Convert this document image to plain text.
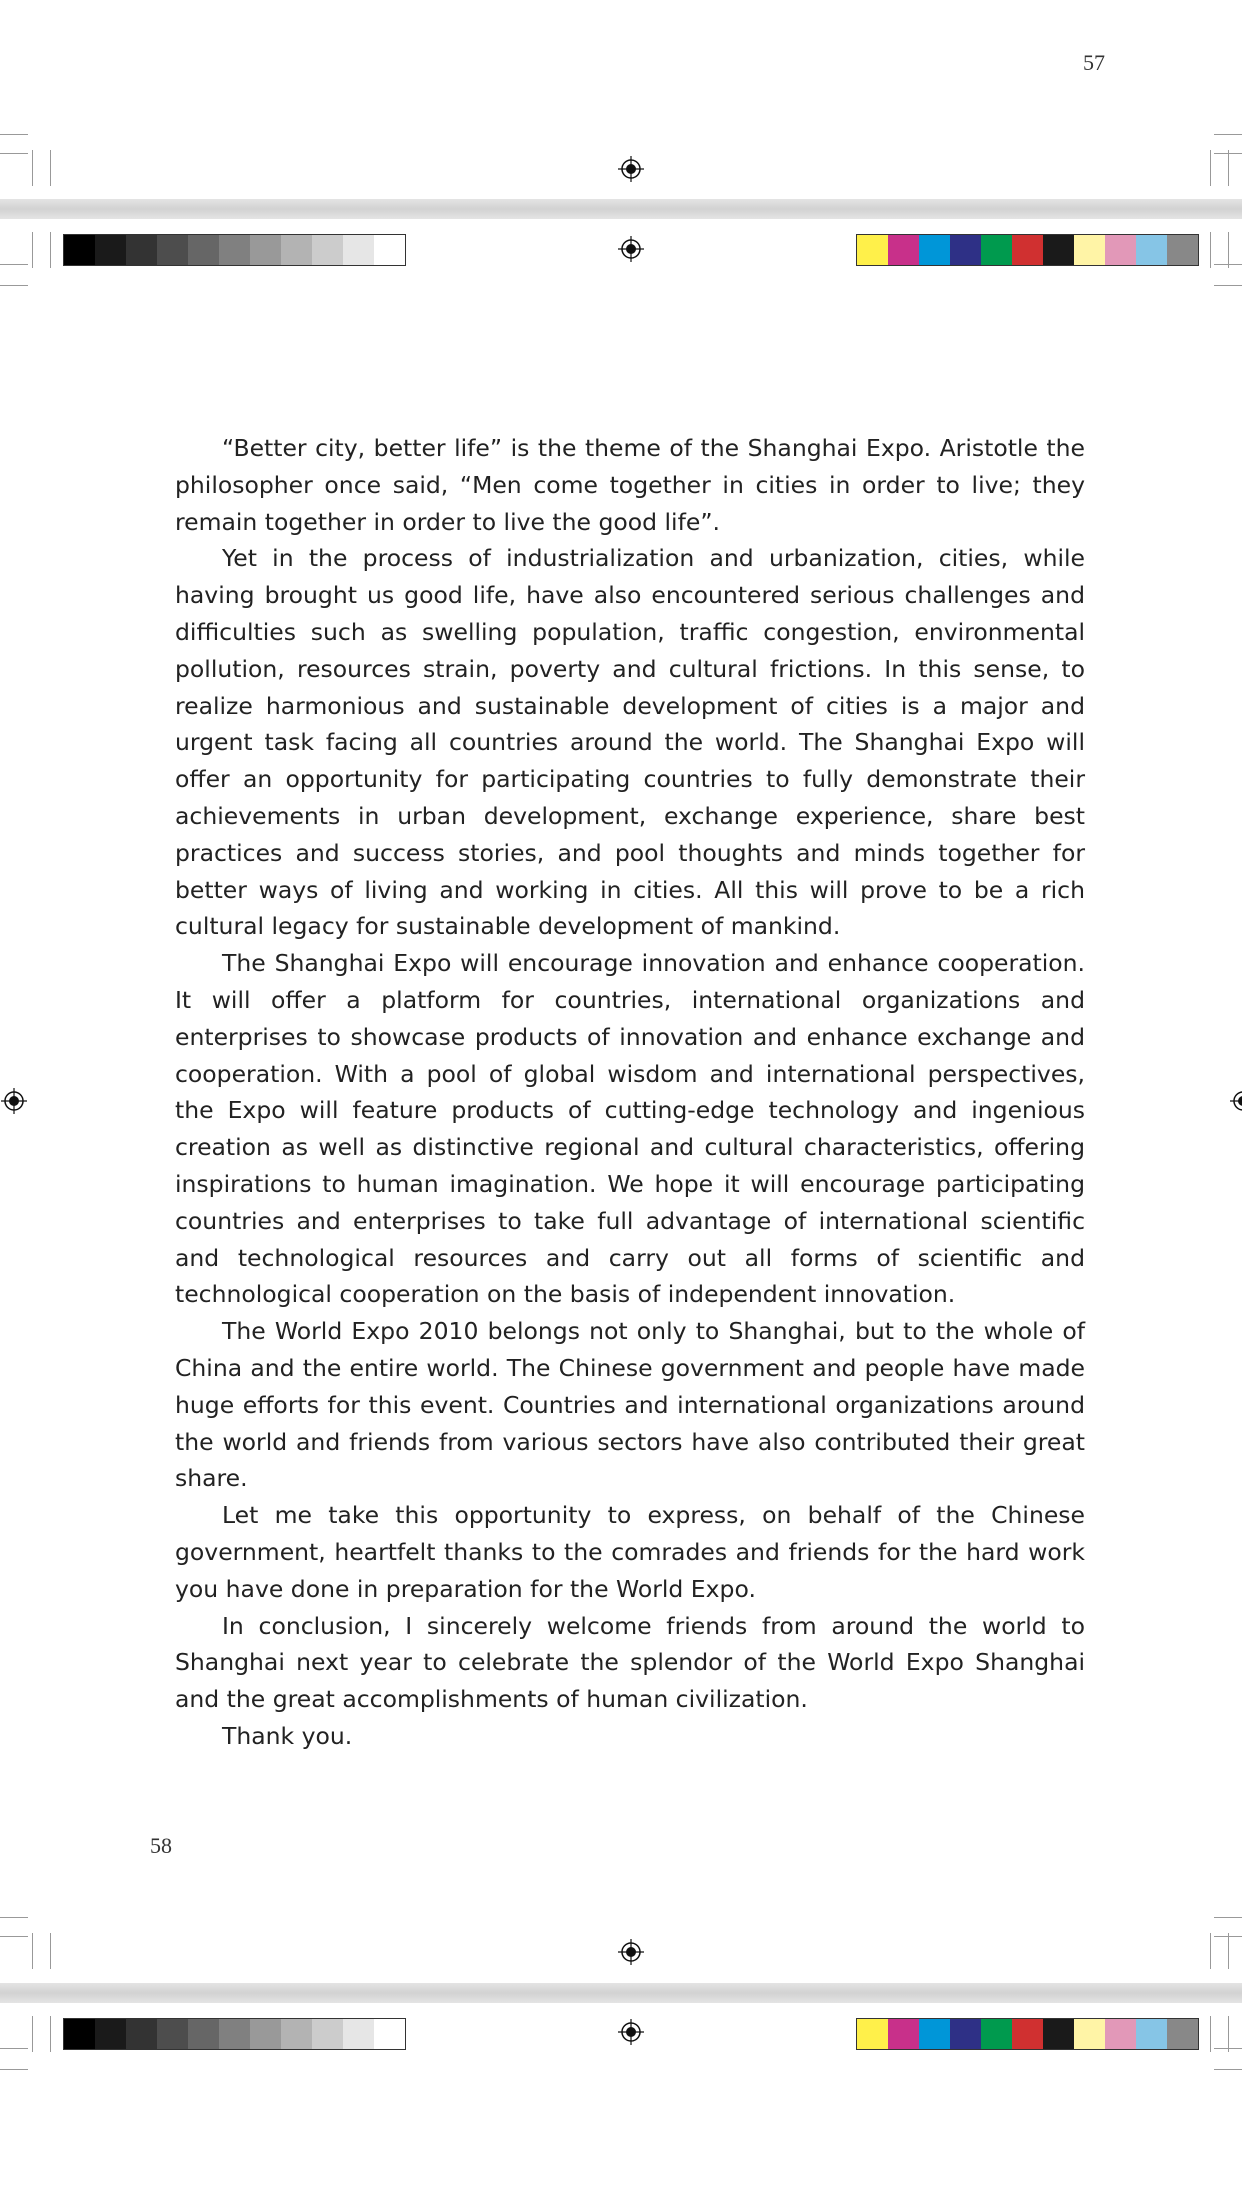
57
58

“Better city, better life” is the theme of the Shanghai Expo. Aristotle the philosopher once said, “Men come together in cities in order to live; they remain together in order to live the good life”.

Yet in the process of industrialization and urbanization, cities, while having brought us good life, have also encountered serious challenges and difficulties such as swelling population, traffic congestion, environmental pollution, resources strain, poverty and cultural frictions. In this sense, to realize harmonious and sustainable development of cities is a major and urgent task facing all countries around the world. The Shanghai Expo will offer an opportunity for participating countries to fully demonstrate their achievements in urban development, exchange experience, share best practices and success stories, and pool thoughts and minds together for better ways of living and working in cities. All this will prove to be a rich cultural legacy for sustainable development of mankind.

The Shanghai Expo will encourage innovation and enhance cooperation. It will offer a platform for countries, international organizations and enterprises to showcase products of innovation and enhance exchange and cooperation. With a pool of global wisdom and international perspectives, the Expo will feature products of cutting-edge technology and ingenious creation as well as distinctive regional and cultural characteristics, offering inspirations to human imagination. We hope it will encourage participating countries and enterprises to take full advantage of international scientific and technological resources and carry out all forms of scientific and technological cooperation on the basis of independent innovation.

The World Expo 2010 belongs not only to Shanghai, but to the whole of China and the entire world. The Chinese government and people have made huge efforts for this event. Countries and international organizations around the world and friends from various sectors have also contributed their great share.

Let me take this opportunity to express, on behalf of the Chinese government, heartfelt thanks to the comrades and friends for the hard work you have done in preparation for the World Expo.

In conclusion, I sincerely welcome friends from around the world to Shanghai next year to celebrate the splendor of the World Expo Shanghai and the great accomplishments of human civilization.

Thank you.
